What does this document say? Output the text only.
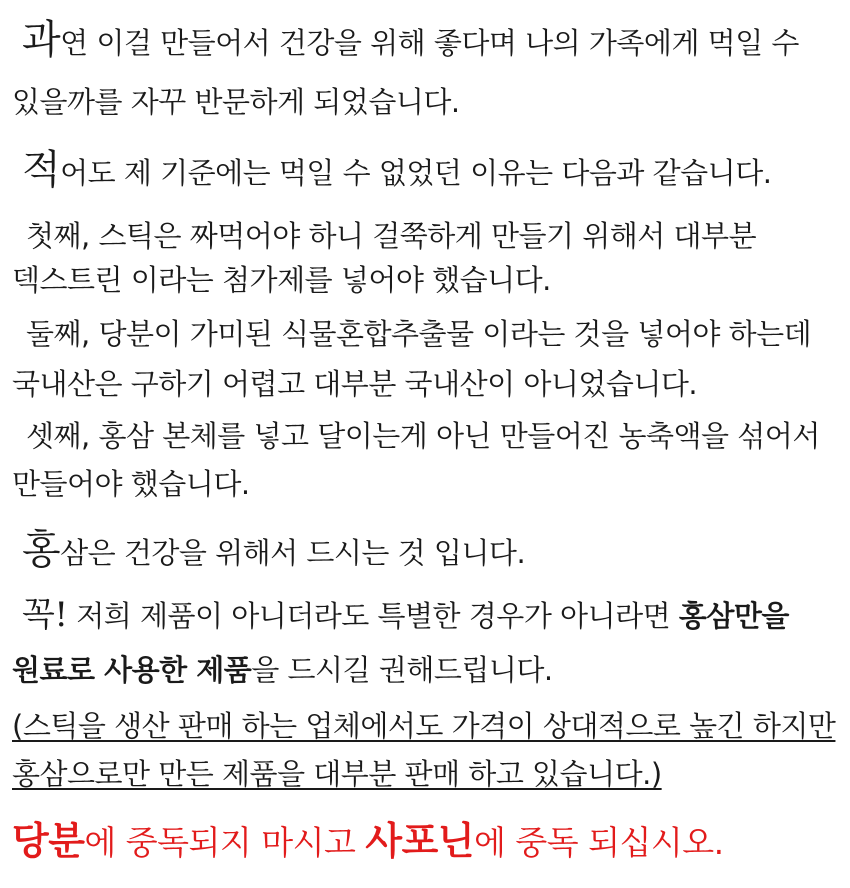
과연 이걸 만들어서 건강을 위해 좋다며 나의 가족에게 먹일 수
있을까를 자꾸 반문하게 되었습니다.
적어도 제 기준에는 먹일 수 없었던 이유는 다음과 같습니다.
첫째, 스틱은 짜먹어야 하니 걸쭉하게 만들기 위해서 대부분
덱스트린 이라는 첨가제를 넣어야 했습니다.
둘째, 당분이 가미된 식물혼합추출물 이라는 것을 넣어야 하는데
국내산은 구하기 어렵고 대부분 국내산이 아니었습니다.
셋째, 홍삼 본체를 넣고 달이는게 아닌 만들어진 농축액을 섞어서
만들어야 했습니다.
홍삼은 건강을 위해서 드시는 것 입니다.
꼭! 저희 제품이 아니더라도 특별한 경우가 아니라면 홍삼만을
원료로 사용한 제품을 드시길 권해드립니다.
(스틱을 생산 판매 하는 업체에서도 가격이 상대적으로 높긴 하지만
홍삼으로만 만든 제품을 대부분 판매 하고 있습니다.)
당분에 중독되지 마시고 사포닌에 중독 되십시오.
